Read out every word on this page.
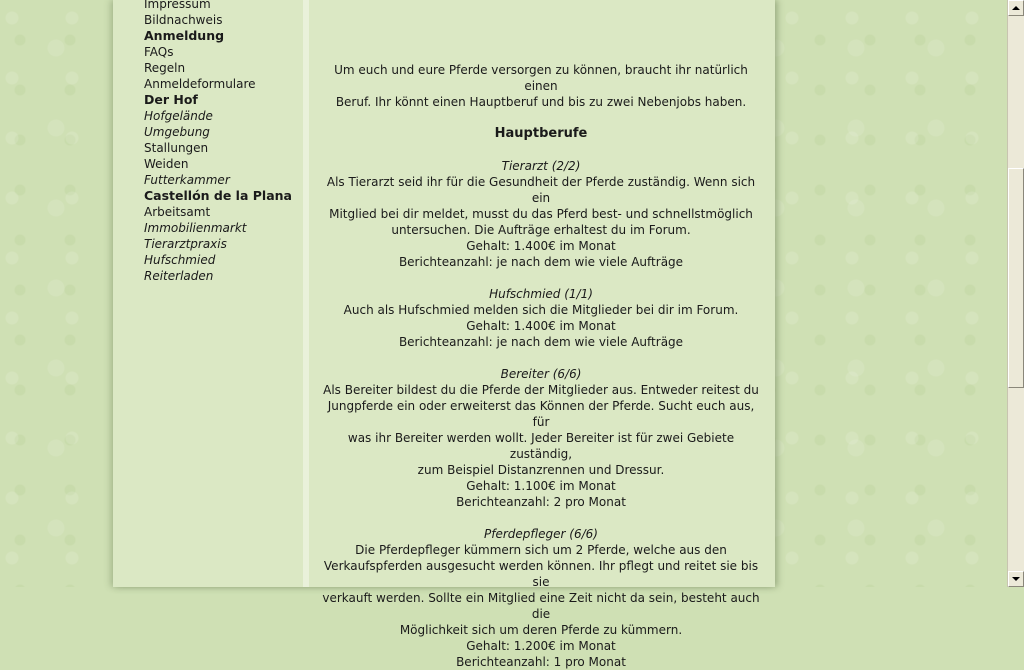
Impressum
Bildnachweis
Anmeldung
FAQs
Regeln
Anmeldeformulare
Der Hof
Hofgelände
Umgebung
Stallungen
Weiden
Futterkammer
Castellón de la Plana
Arbeitsamt
Immobilienmarkt
Tierarztpraxis
Hufschmied
Reiterladen

Um euch und eure Pferde versorgen zu können, braucht ihr natürlich einen

Beruf. Ihr könnt einen Hauptberuf und bis zu zwei Nebenjobs haben.

Hauptberufe

Tierarzt (2/2)

Als Tierarzt seid ihr für die Gesundheit der Pferde zuständig. Wenn sich ein

Mitglied bei dir meldet, musst du das Pferd best- und schnellstmöglich

untersuchen. Die Aufträge erhaltest du im Forum.

Gehalt: 1.400€ im Monat

Berichteanzahl: je nach dem wie viele Aufträge

Hufschmied (1/1)

Auch als Hufschmied melden sich die Mitglieder bei dir im Forum.

Gehalt: 1.400€ im Monat

Berichteanzahl: je nach dem wie viele Aufträge

Bereiter (6/6)

Als Bereiter bildest du die Pferde der Mitglieder aus. Entweder reitest du

Jungpferde ein oder erweiterst das Können der Pferde. Sucht euch aus, für

was ihr Bereiter werden wollt. Jeder Bereiter ist für zwei Gebiete zuständig,

zum Beispiel Distanzrennen und Dressur.

Gehalt: 1.100€ im Monat

Berichteanzahl: 2 pro Monat

Pferdepfleger (6/6)

Die Pferdepfleger kümmern sich um 2 Pferde, welche aus den

Verkaufspferden ausgesucht werden können. Ihr pflegt und reitet sie bis sie

verkauft werden. Sollte ein Mitglied eine Zeit nicht da sein, besteht auch die

Möglichkeit sich um deren Pferde zu kümmern.

Gehalt: 1.200€ im Monat

Berichteanzahl: 1 pro Monat
